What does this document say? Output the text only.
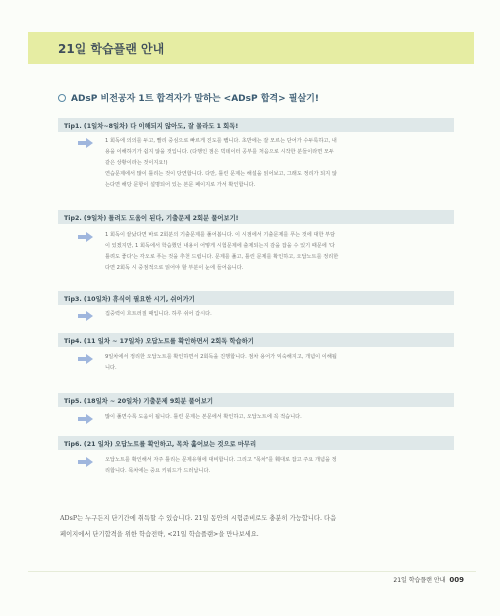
21일 학습플랜 안내
ADsP 비전공자 1트 합격자가 말하는 <ADsP 합격> 필살기!
Tip1. (1일차~8일차) 다 이해되지 않아도, 잘 몰라도 1 회독!

1 회독에 의의를 두고, 빨리 중심으로 빠르게 진도를 뺍니다. 초반에는 잘 모르는 단어가 수두룩하고, 내

용을 이해하기가 쉽지 않을 것입니다. (다행인 점은 빅데이터 공부를 처음으로 시작한 분들이라면 모두

같은 상황이라는 것이지요!)

연습문제에서 많이 틀리는 것이 당연합니다. 다만, 틀린 문제는 해설을 읽어보고, 그래도 정리가 되지 않

는다면 해당 문항이 설명되어 있는 본문 페이지로 가서 확인합니다.

Tip2. (9일차) 틀려도 도움이 된다, 기출문제 2회분 풀어보기!

1 회독이 끝났다면 바로 2회분의 기출문제를 풀어봅니다. 이 시점에서 기출문제를 푸는 것에 대한 부담

이 있겠지만, 1 회독에서 학습했던 내용이 어떻게 시험문제에 출제되는지 감을 잡을 수 있기 때문에 '다

틀려도 좋다'는 각오로 푸는 것을 추천 드립니다. 문제를 풀고, 틀린 문제를 확인하고, 오답노트를 정리한

다면 2회독 시 중점적으로 읽어야 할 부분이 눈에 들어옵니다.

Tip3. (10일차) 휴식이 필요한 시기, 쉬어가기

집중력이 흐트러질 때입니다. 하루 쉬어 갑시다.

Tip4. (11 일차 ~ 17일차) 오답노트를 확인하면서 2회독 학습하기

9일차에서 정리한 오답노트를 확인하면서 2회독을 진행합니다. 점차 용어가 익숙해지고, 개념이 이해됩

니다.

Tip5. (18일차 ~ 20일차) 기출문제 9회분 풀어보기

많이 풀면수록 도움이 됩니다. 틀린 문제는 본문에서 확인하고, 오답노트에 꼭 적습니다.

Tip6. (21 일차) 오답노트를 확인하고, 목차 훑어보는 것으로 마무리

오답노트를 확인해서 자주 틀리는 문제유형에 대비합니다. 그리고 "목차"를 훼대로 잡고 주요 개념을 정

리합니다. 목차에는 중요 키워드가 드러납니다.

ADsP는 누구든지 단기간에 취득할 수 있습니다. 21일 동안의 시험준비로도 충분히 가능합니다. 다음

페이지에서 단기합격을 위한 학습전략, <21일 학습플랜>을 만나보세요.

21일 학습플랜 안내 009
